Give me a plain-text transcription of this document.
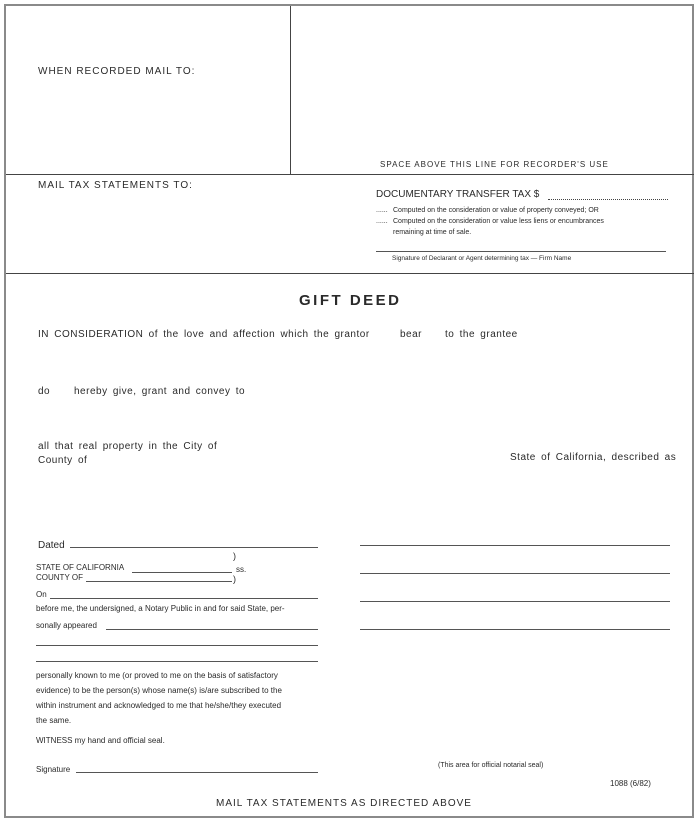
WHEN RECORDED MAIL TO:
SPACE ABOVE THIS LINE FOR RECORDER'S USE
MAIL TAX STATEMENTS TO:
DOCUMENTARY TRANSFER TAX $
...... Computed on the consideration or value of property conveyed; OR
...... Computed on the consideration or value less liens or encumbrances
remaining at time of sale.
Signature of Declarant or Agent determining tax — Firm Name
GIFT DEED
IN CONSIDERATION of the love and affection which the grantor	bear to the grantee
do hereby give, grant and convey to
all that real property in the City of
County of	State of California, described as
Dated
STATE OF CALIFORNIA
)
ss.
COUNTY OF	)
On
before me, the undersigned, a Notary Public in and for said State, per-
sonally appeared
personally known to me (or proved to me on the basis of satisfactory
evidence) to be the person(s) whose name(s) is/are subscribed to the
within instrument and acknowledged to me that he/she/they executed
the same.
WITNESS my hand and official seal.
Signature	(This area for official notarial seal)
1088 (6/82)
MAIL TAX STATEMENTS AS DIRECTED ABOVE
